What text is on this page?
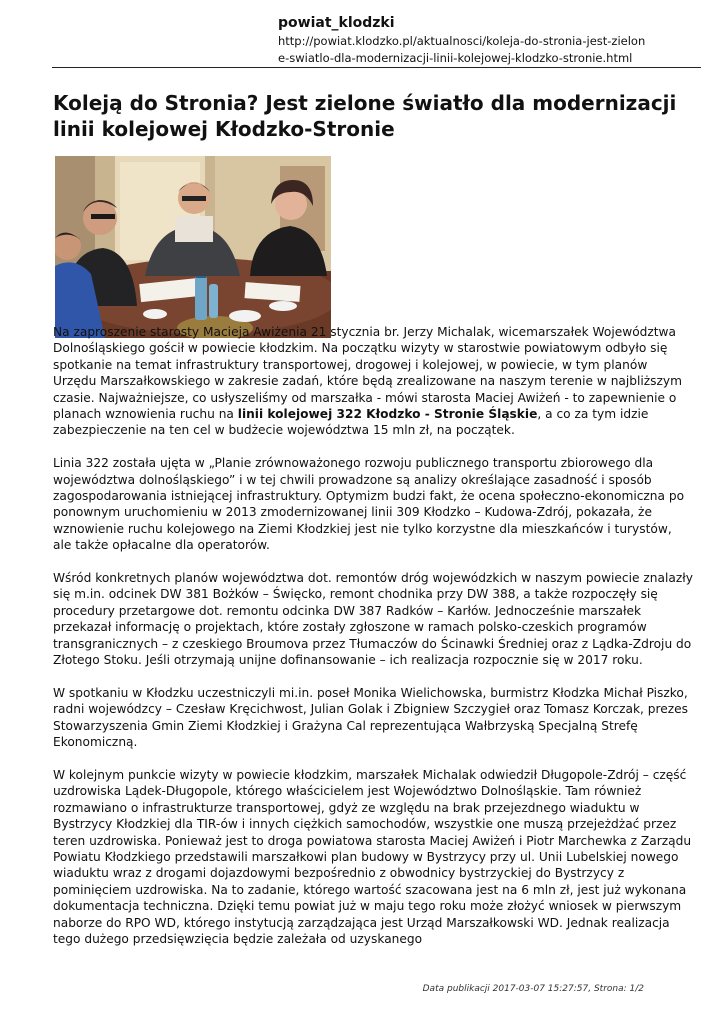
powiat_klodzki
http://powiat.klodzko.pl/aktualnosci/koleja-do-stronia-jest-zielon
e-swiatlo-dla-modernizacji-linii-kolejowej-klodzko-stronie.html
Koleją do Stronia? Jest zielone światło dla modernizacji linii kolejowej Kłodzko-Stronie

Na zaproszenie starosty Macieja Awiżenia 21 stycznia br. Jerzy Michalak, wicemarszałek Województwa Dolnośląskiego gościł w powiecie kłodzkim. Na początku wizyty w starostwie powiatowym odbyło się spotkanie na temat infrastruktury transportowej, drogowej i kolejowej, w powiecie, w tym planów Urzędu Marszałkowskiego w zakresie zadań, które będą zrealizowane na naszym terenie w najbliższym czasie. Najważniejsze, co usłyszeliśmy od marszałka - mówi starosta Maciej Awiżeń - to zapewnienie o planach wznowienia ruchu na linii kolejowej 322 Kłodzko - Stronie Śląskie, a co za tym idzie zabezpieczenie na ten cel w budżecie województwa 15 mln zł, na początek.

Linia 322 została ujęta w „Planie zrównoważonego rozwoju publicznego transportu zbiorowego dla województwa dolnośląskiego” i w tej chwili prowadzone są analizy określające zasadność i sposób zagospodarowania istniejącej infrastruktury. Optymizm budzi fakt, że ocena społeczno-ekonomiczna po ponownym uruchomieniu w 2013 zmodernizowanej linii 309 Kłodzko – Kudowa-Zdrój, pokazała, że wznowienie ruchu kolejowego na Ziemi Kłodzkiej jest nie tylko korzystne dla mieszkańców i turystów, ale także opłacalne dla operatorów.

Wśród konkretnych planów województwa dot. remontów dróg wojewódzkich w naszym powiecie znalazły się m.in. odcinek DW 381 Bożków – Święcko, remont chodnika przy DW 388, a także rozpoczęły się procedury przetargowe dot. remontu odcinka DW 387 Radków – Karłów. Jednocześnie marszałek przekazał informację o projektach, które zostały zgłoszone w ramach polsko-czeskich programów transgranicznych – z czeskiego Broumova przez Tłumaczów do Ścinawki Średniej oraz z Lądka-Zdroju do Złotego Stoku. Jeśli otrzymają unijne dofinansowanie – ich realizacja rozpocznie się w 2017 roku.

W spotkaniu w Kłodzku uczestniczyli mi.in. poseł Monika Wielichowska, burmistrz Kłodzka Michał Piszko, radni wojewódzcy – Czesław Kręcichwost, Julian Golak i Zbigniew Szczygieł oraz Tomasz Korczak, prezes Stowarzyszenia Gmin Ziemi Kłodzkiej i Grażyna Cal reprezentująca Wałbrzyską Specjalną Strefę Ekonomiczną.

W kolejnym punkcie wizyty w powiecie kłodzkim, marszałek Michalak odwiedził Długopole-Zdrój – część uzdrowiska Lądek-Długopole, którego właścicielem jest Województwo Dolnośląskie. Tam również rozmawiano o infrastrukturze transportowej, gdyż ze względu na brak przejezdnego wiaduktu w Bystrzycy Kłodzkiej dla TIR-ów i innych ciężkich samochodów, wszystkie one muszą przejeżdżać przez teren uzdrowiska. Ponieważ jest to droga powiatowa starosta Maciej Awiżeń i Piotr Marchewka z Zarządu Powiatu Kłodzkiego przedstawili marszałkowi plan budowy w Bystrzycy przy ul. Unii Lubelskiej nowego wiaduktu wraz z drogami dojazdowymi bezpośrednio z obwodnicy bystrzyckiej do Bystrzycy z pominięciem uzdrowiska. Na to zadanie, którego wartość szacowana jest na 6 mln zł, jest już wykonana dokumentacja techniczna. Dzięki temu powiat już w maju tego roku może złożyć wniosek w pierwszym naborze do RPO WD, którego instytucją zarządzająca jest Urząd Marszałkowski WD. Jednak realizacja tego dużego przedsięwzięcia będzie zależała od uzyskanego

Data publikacji 2017-03-07 15:27:57, Strona: 1/2
